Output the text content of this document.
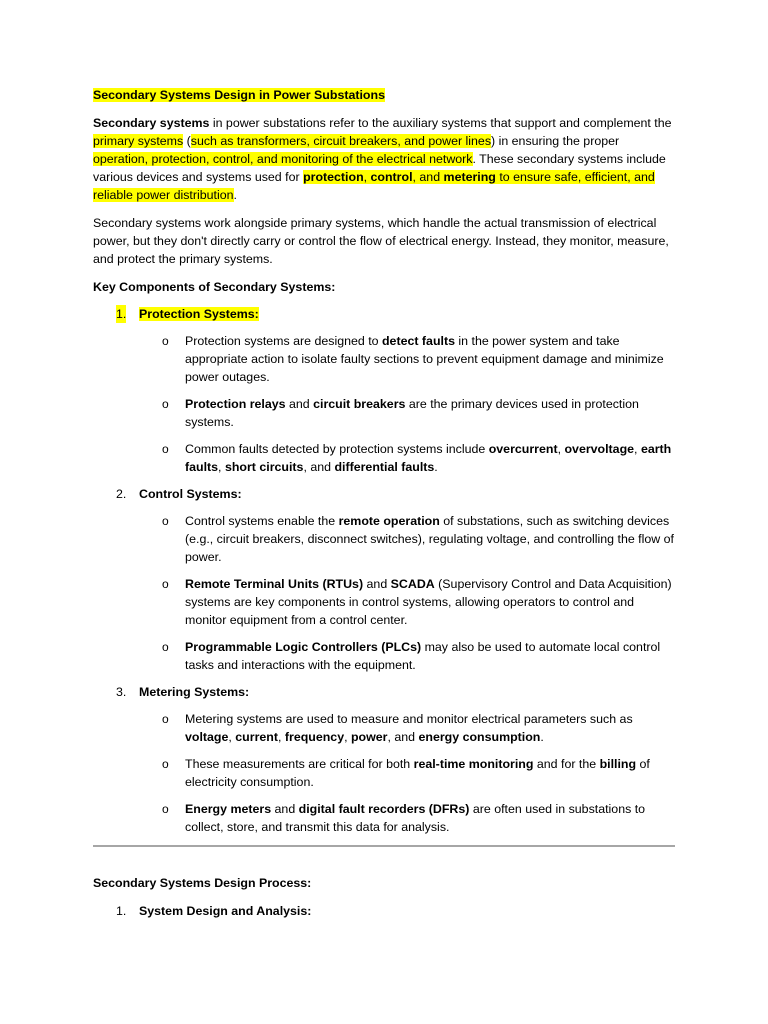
Secondary Systems Design in Power Substations

Secondary systems in power substations refer to the auxiliary systems that support and complement the primary systems (such as transformers, circuit breakers, and power lines) in ensuring the proper operation, protection, control, and monitoring of the electrical network. These secondary systems include various devices and systems used for protection, control, and metering to ensure safe, efficient, and reliable power distribution.

Secondary systems work alongside primary systems, which handle the actual transmission of electrical power, but they don't directly carry or control the flow of electrical energy. Instead, they monitor, measure, and protect the primary systems.

Key Components of Secondary Systems:

1. Protection Systems:
o Protection systems are designed to detect faults in the power system and take appropriate action to isolate faulty sections to prevent equipment damage and minimize power outages.
o Protection relays and circuit breakers are the primary devices used in protection systems.
o Common faults detected by protection systems include overcurrent, overvoltage, earth faults, short circuits, and differential faults.
2. Control Systems:
o Control systems enable the remote operation of substations, such as switching devices (e.g., circuit breakers, disconnect switches), regulating voltage, and controlling the flow of power.
o Remote Terminal Units (RTUs) and SCADA (Supervisory Control and Data Acquisition) systems are key components in control systems, allowing operators to control and monitor equipment from a control center.
o Programmable Logic Controllers (PLCs) may also be used to automate local control tasks and interactions with the equipment.
3. Metering Systems:
o Metering systems are used to measure and monitor electrical parameters such as voltage, current, frequency, power, and energy consumption.
o These measurements are critical for both real-time monitoring and for the billing of electricity consumption.
o Energy meters and digital fault recorders (DFRs) are often used in substations to collect, store, and transmit this data for analysis.

Secondary Systems Design Process:

1. System Design and Analysis:
